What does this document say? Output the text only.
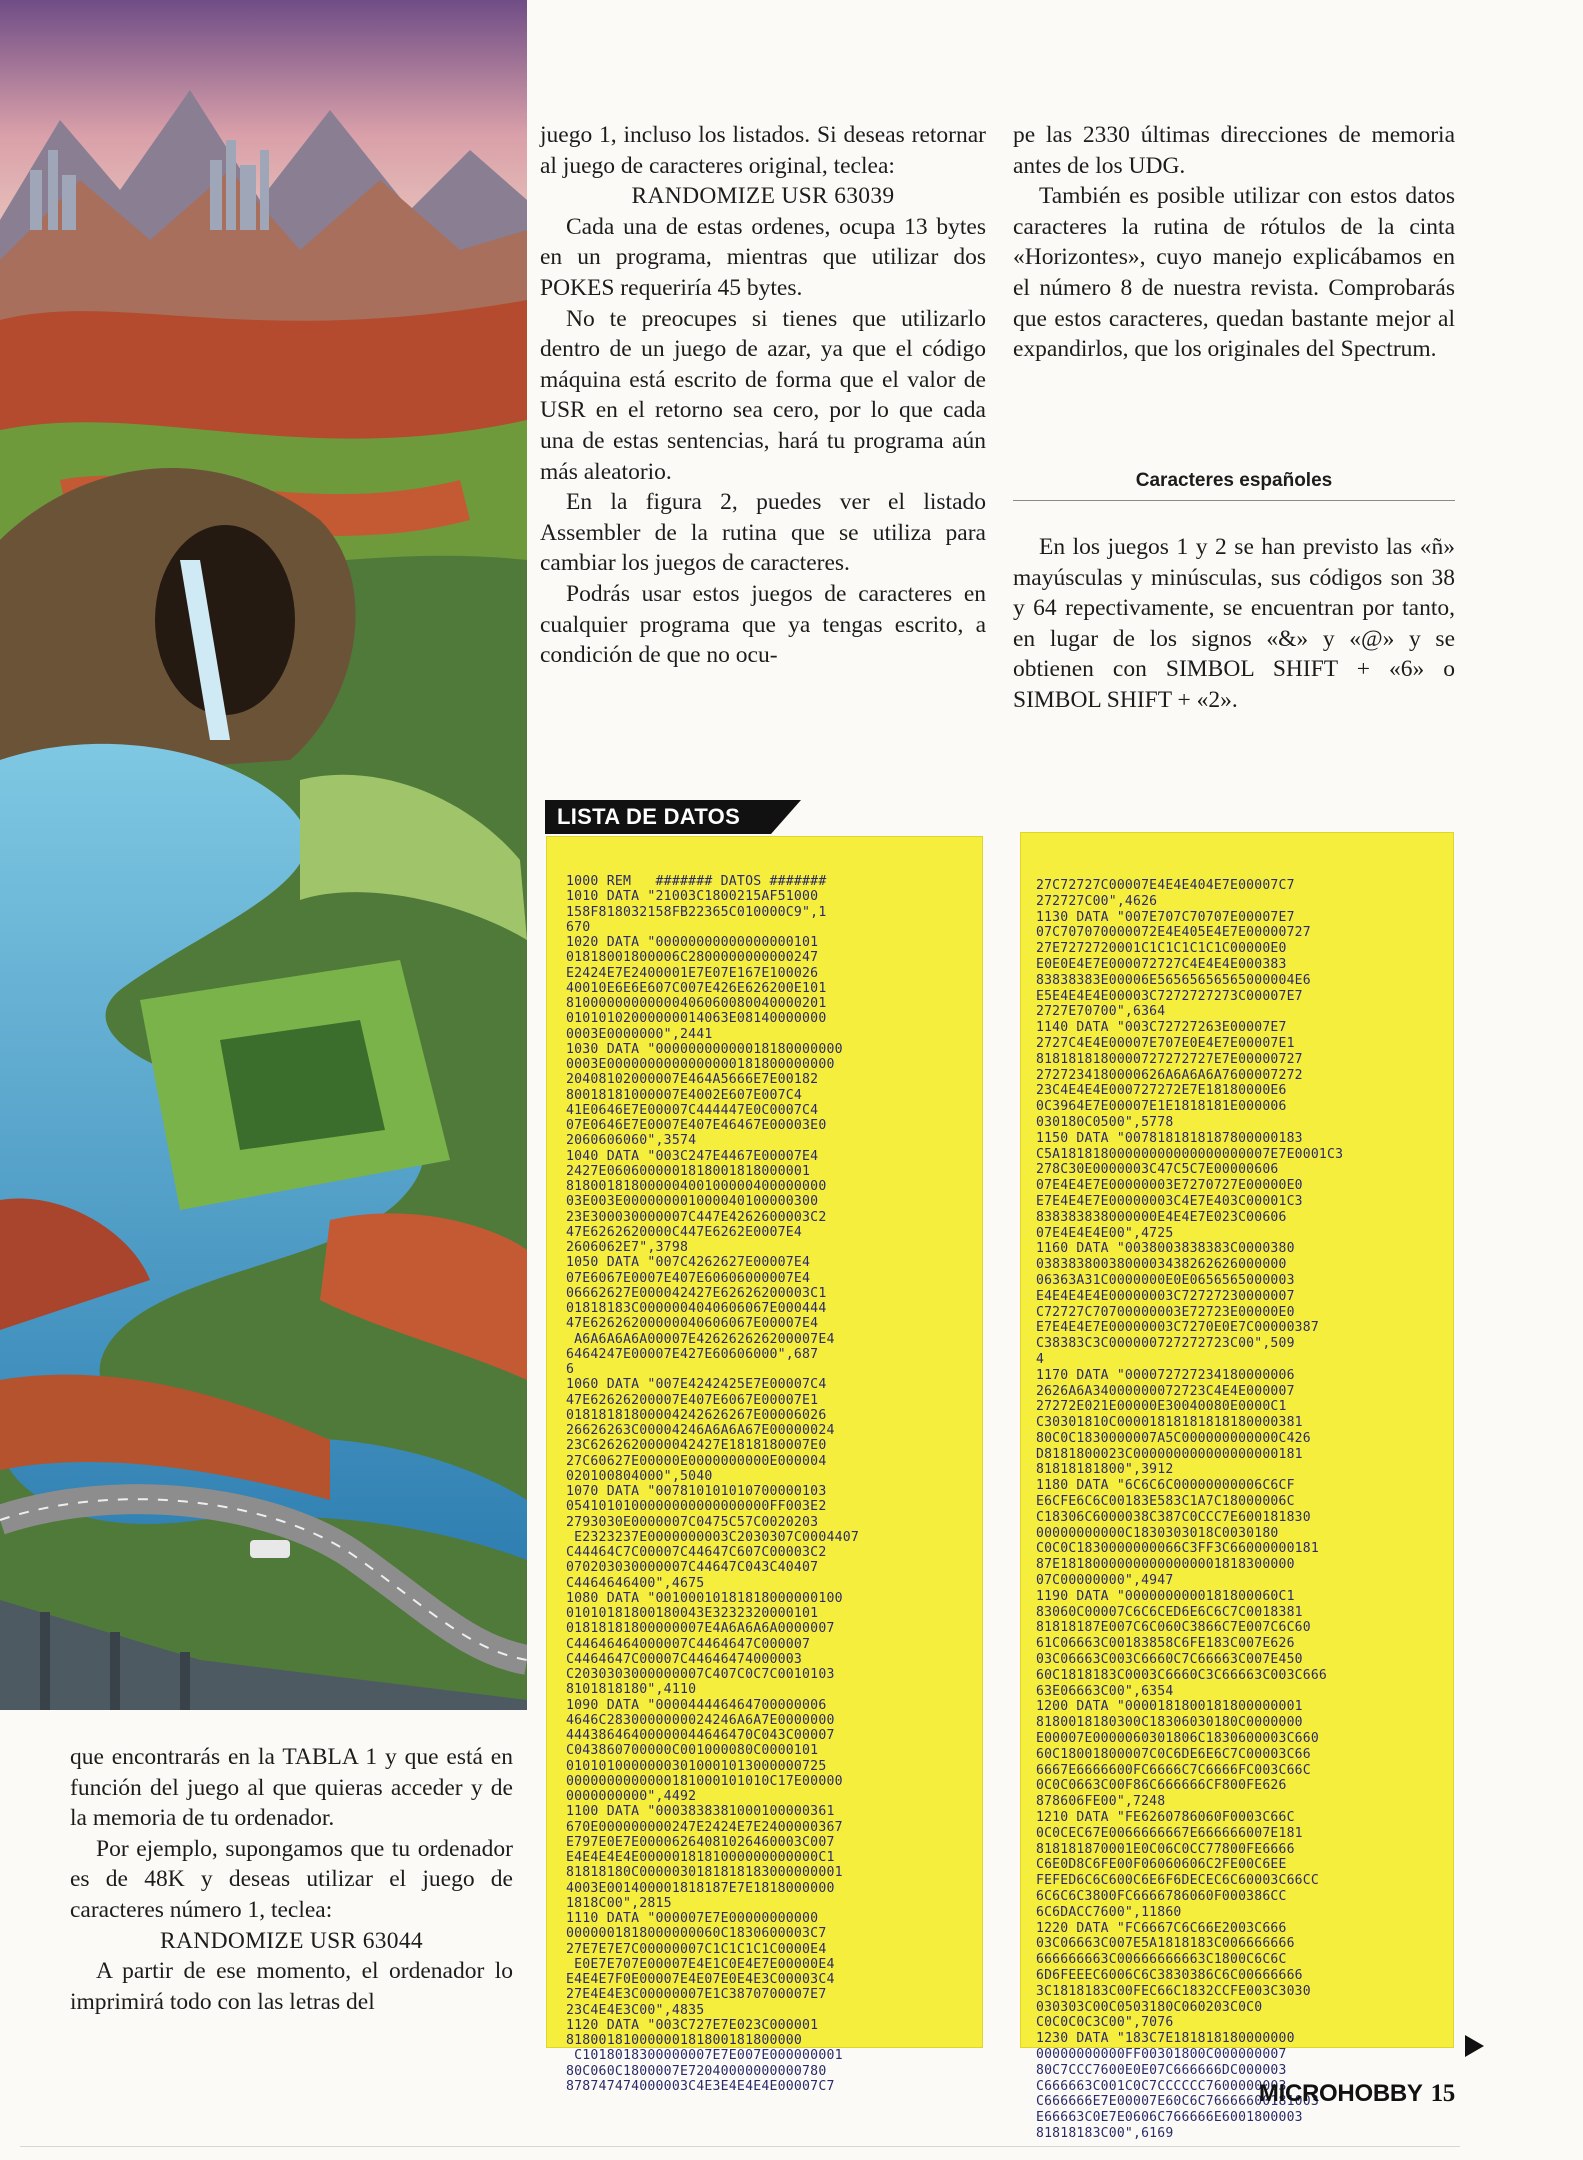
juego 1, incluso los listados. Si deseas retornar al juego de caracteres original, teclea:

RANDOMIZE USR 63039

Cada una de estas ordenes, ocupa 13 bytes en un programa, mientras que utilizar dos POKES requeriría 45 bytes.

No te preocupes si tienes que utilizarlo dentro de un juego de azar, ya que el código máquina está escrito de forma que el valor de USR en el retorno sea cero, por lo que cada una de estas sentencias, hará tu programa aún más aleatorio.

En la figura 2, puedes ver el listado Assembler de la rutina que se utiliza para cambiar los juegos de caracteres.

Podrás usar estos juegos de caracteres en cualquier programa que ya tengas escrito, a condición de que no ocu-

pe las 2330 últimas direcciones de memoria antes de los UDG.

También es posible utilizar con estos datos caracteres la rutina de rótulos de la cinta «Horizontes», cuyo manejo explicábamos en el número 8 de nuestra revista. Comprobarás que estos caracteres, quedan bastante mejor al expandirlos, que los originales del Spectrum.

Caracteres españoles

En los juegos 1 y 2 se han previsto las «ñ» mayúsculas y minúsculas, sus códigos son 38 y 64 repectivamente, se encuentran por tanto, en lugar de los signos «&» y «@» y se obtienen con SIMBOL SHIFT + «6» o SIMBOL SHIFT + «2».

que encontrarás en la TABLA 1 y que está en función del juego al que quieras acceder y de la memoria de tu ordenador.

Por ejemplo, supongamos que tu ordenador es de 48K y deseas utilizar el juego de caracteres número 1, teclea:

RANDOMIZE USR 63044

A partir de ese momento, el ordenador lo imprimirá todo con las letras del

LISTA DE DATOS
1000 REM   ####### DATOS #######
1010 DATA "21003C1800215AF51000
158F818032158FB22365C010000C9",1
670
1020 DATA "00000000000000000101
01818001800006C2800000000000247
E2424E7E2400001E7E07E167E100026
40010E6E6E607C007E426E626200E101
81000000000000406060080040000201
01010102000000014063E08140000000
0003E0000000",2441
1030 DATA "00000000000018180000000
0003E0000000000000000181800000000
20408102000007E464A5666E7E00182
80018181000007E4002E607E007C4
41E0646E7E00007C444447E0C0007C4
07E0646E7E0007E407E46467E00003E0
2060606060",3574
1040 DATA "003C247E4467E00007E4
2427E0606000001818001818000001
81800181800000400100000400000000
03E003E000000001000040100000300
23E300030000007C447E4262600003C2
47E6262620000C447E6262E0007E4
2606062E7",3798
1050 DATA "007C4262627E00007E4
07E6067E0007E407E60606000007E4
06662627E000042427E62626200003C1
01818183C0000004040606067E000444
47E62626200000040606067E00007E4
A6A6A6A6A00007E426262626200007E4
6464247E00007E427E60606000",687
6
1060 DATA "007E4242425E7E00007C4
47E62626200007E407E6067E00007E1
01818181800004242626267E00006026
26626263C00004246A6A6A67E00000024
23C6262620000042427E1818180007E0
27C60627E00000E0000000000E000004
020100804000",5040
1070 DATA "007810101010700000103
0541010100000000000000000FF003E2
2793030E0000007C0475C57C0020203
E2323237E0000000003C2030307C0004407
C44464C7C00007C44647C607C00003C2
070203030000007C44647C043C40407
C4464646400",4675
1080 DATA "00100010181818000000100
01010181800180043E3232320000101
01818181800000007E4A6A6A6A0000007
C44646464000007C4464647C000007
C4464647C00007C44646474000003
C2030303000000007C407C0C7C0010103
8101818180",4110
1090 DATA "000044446464700000006
4646C2830000000024246A6A7E0000000
44438646400000044646470C043C00007
C043860700000C001000080C0000101
01010100000003010001013000000725
0000000000000181000101010C17E00000
0000000000",4492
1100 DATA "0003838381000100000361
670E000000000247E2424E7E2400000367
E797E0E7E00006264081026460003C007
E4E4E4E4E0000018181000000000000C1
81818180C0000030181818183000000001
4003E001400001818187E7E1818000000
1818C00",2815
1110 DATA "000007E7E00000000000
0000001818000000060C1830600003C7
27E7E7E7C00000007C1C1C1C1C0000E4
E0E7E707E00007E4E1C0E4E7E00000E4
E4E4E7F0E00007E4E07E0E4E3C00003C4
27E4E4E3C00000007E1C3870700007E7
23C4E4E3C00",4835
1120 DATA "003C727E7E023C000001
81800181000000181800181800000
C1018018300000007E7E007E000000001
80C060C1800007E72040000000000780
878747474000003C4E3E4E4E4E00007C7
27C72727C00007E4E4E404E7E00007C7
272727C00",4626
1130 DATA "007E707C70707E00007E7
07C707070000072E4E405E4E7E00000727
27E7272720001C1C1C1C1C1C00000E0
E0E0E4E7E000072727C4E4E4E000383
83838383E00006E56565656565000004E6
E5E4E4E4E00003C7272727273C00007E7
2727E70700",6364
1140 DATA "003C72727263E00007E7
2727C4E4E00007E707E0E4E7E00007E1
8181818180000727272727E7E00000727
2727234180000626A6A6A6A7600007272
23C4E4E4E000727272E7E18180000E6
0C3964E7E00007E1E1818181E000006
030180C0500",5778
1150 DATA "0078181818187800000183
C5A18181800000000000000000007E7E0001C3
278C30E0000003C47C5C7E00000606
07E4E4E7E00000003E7270727E00000E0
E7E4E4E7E00000003C4E7E403C00001C3
838383838000000E4E4E7E023C00606
07E4E4E4E00",4725
1160 DATA "0038003838383C0000380
0383838003800003438262626000000
06363A31C0000000E0E0656565000003
E4E4E4E4E00000003C72727230000007
C72727C70700000003E72723E00000E0
E7E4E4E7E00000003C7270E0E7C00000387
C38383C3C000000727272723C00",509
4
1170 DATA "000072727234180000006
2626A6A34000000072723C4E4E000007
27272E021E00000E30040080E0000C1
C30301810C00001818181818180000381
80C0C1830000007A5C000000000000C426
D8181800023C000000000000000000181
81818181800",3912
1180 DATA "6C6C6C00000000006C6CF
E6CFE6C6C00183E583C1A7C18000006C
C18306C6000038C387C0CCC7E600181830
00000000000C1830303018C0030180
C0C0C1830000000066C3FF3C66000000181
87E18180000000000000001818300000
07C00000000",4947
1190 DATA "0000000000181800060C1
83060C00007C6C6CED6E6C6C7C0018381
81818187E007C6C060C3866C7E007C6C60
61C06663C00183858C6FE183C007E626
03C06663C003C6660C7C66663C007E450
60C1818183C0003C6660C3C66663C003C666
63E06663C00",6354
1200 DATA "0000181800181800000001
8180018180300C18306030180C0000000
E00007E0000060301806C1830600003C660
60C18001800007C0C6DE6E6C7C00003C66
6667E6666600FC6666C7C6666FC003C66C
0C0C0663C00F86C666666CF800FE626
878606FE00",7248
1210 DATA "FE6260786060F0003C66C
0C0CEC67E0066666667E666666007E181
818181870001E0C06C0CC77800FE6666
C6E0D8C6FE00F06060606C2FE00C6EE
FEFED6C6C600C6E6F6DECEC6C60003C66CC
6C6C6C3800FC6666786060F000386CC
6C6DACC7600",11860
1220 DATA "FC6667C6C66E2003C666
03C06663C007E5A1818183C006666666
666666663C00666666663C1800C6C6C
6D6FEEEC6006C6C3830386C6C00666666
3C1818183C00FEC66C1832CCFE003C3030
030303C00C0503180C060203C0C0
C0C0C0C3C00",7076
1230 DATA "183C7E181818180000000
00000000000FF00301800C000000007
80C7CCC7600E0E07C666666DC000003
C666663C001C0C7CCCCCC7600000003
C666666E7E00007E60C6C76666600181003
E66663C0E7E0606C766666E6001800003
81818183C00",6169
MICROHOBBY 15
